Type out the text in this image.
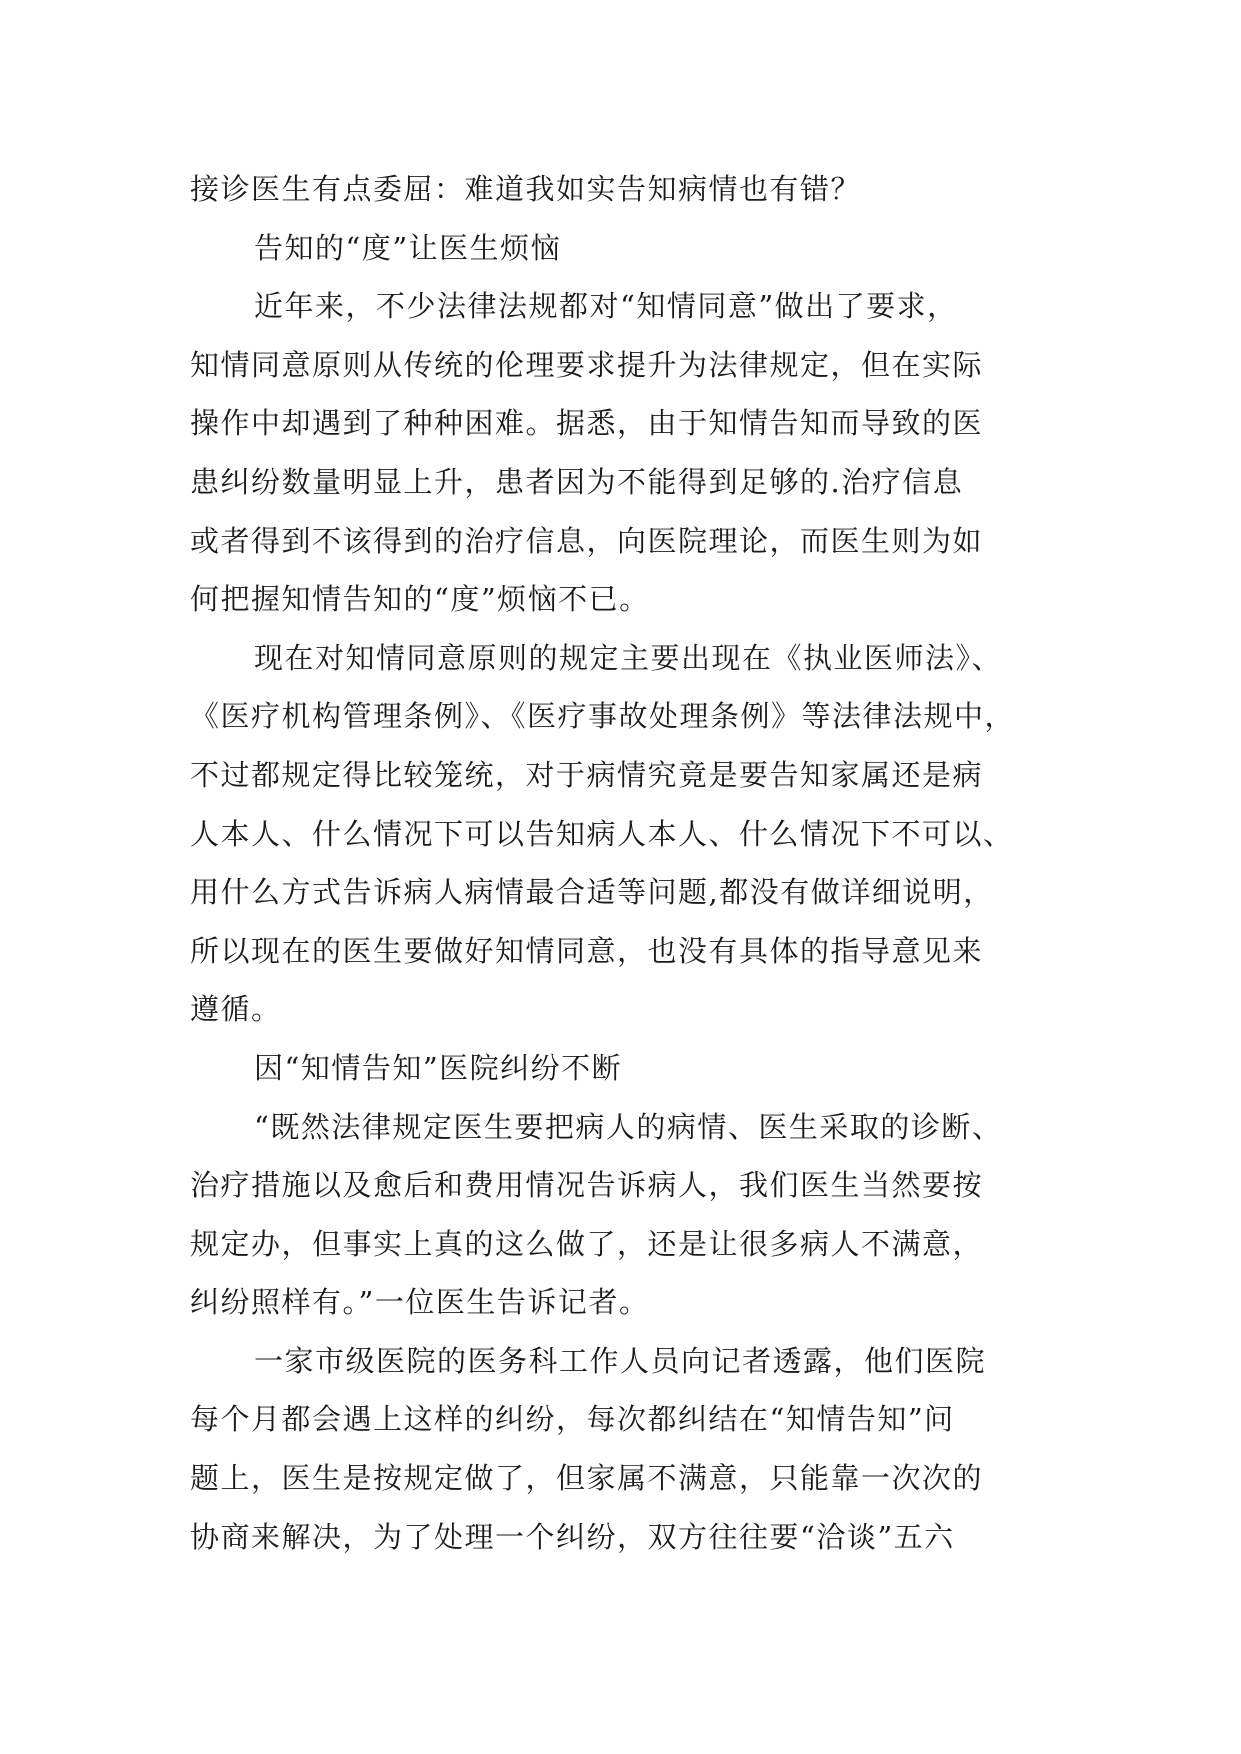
接诊医生有点委屈：难道我如实告知病情也有错？
告知的“度”让医生烦恼
近年来，不少法律法规都对“知情同意”做出了要求，
知情同意原则从传统的伦理要求提升为法律规定，但在实际
操作中却遇到了种种困难。据悉，由于知情告知而导致的医
患纠纷数量明显上升，患者因为不能得到足够的.治疗信息
或者得到不该得到的治疗信息，向医院理论，而医生则为如
何把握知情告知的“度”烦恼不已。
现在对知情同意原则的规定主要出现在《执业医师法》、
《医疗机构管理条例》、《医疗事故处理条例》等法律法规中，
不过都规定得比较笼统，对于病情究竟是要告知家属还是病
人本人、什么情况下可以告知病人本人、什么情况下不可以、
用什么方式告诉病人病情最合适等问题,都没有做详细说明，
所以现在的医生要做好知情同意，也没有具体的指导意见来
遵循。
因“知情告知”医院纠纷不断
“既然法律规定医生要把病人的病情、医生采取的诊断、
治疗措施以及愈后和费用情况告诉病人，我们医生当然要按
规定办，但事实上真的这么做了，还是让很多病人不满意，
纠纷照样有。”一位医生告诉记者。
一家市级医院的医务科工作人员向记者透露，他们医院
每个月都会遇上这样的纠纷，每次都纠结在“知情告知”问
题上，医生是按规定做了，但家属不满意，只能靠一次次的
协商来解决，为了处理一个纠纷，双方往往要“洽谈”五六
